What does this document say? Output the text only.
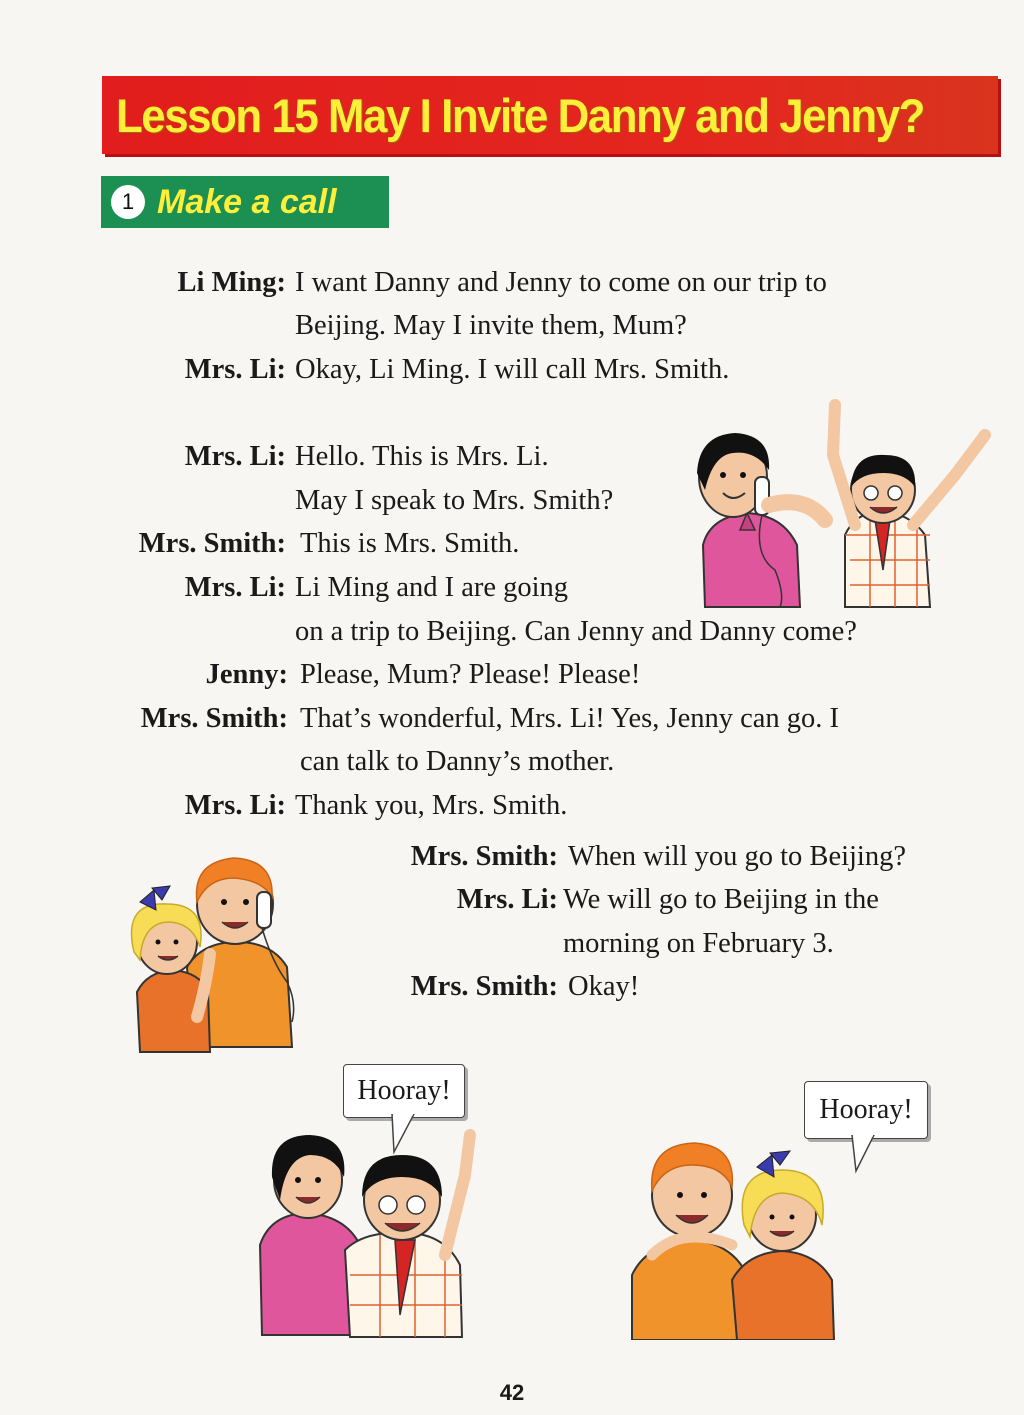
Lesson 15 May I Invite Danny and Jenny?
1 Make a call
Li Ming: I want Danny and Jenny to come on our trip to
Beijing. May I invite them, Mum?
Mrs. Li: Okay, Li Ming. I will call Mrs. Smith.
Mrs. Li: Hello. This is Mrs. Li.
May I speak to Mrs. Smith?
Mrs. Smith: This is Mrs. Smith.
Mrs. Li: Li Ming and I are going
on a trip to Beijing. Can Jenny and Danny come?
Jenny: Please, Mum? Please! Please!
Mrs. Smith: That’s wonderful, Mrs. Li! Yes, Jenny can go. I
can talk to Danny’s mother.
Mrs. Li: Thank you, Mrs. Smith.
Mrs. Smith: When will you go to Beijing?
Mrs. Li: We will go to Beijing in the
morning on February 3.
Mrs. Smith: Okay!
Hooray!
Hooray!
42
